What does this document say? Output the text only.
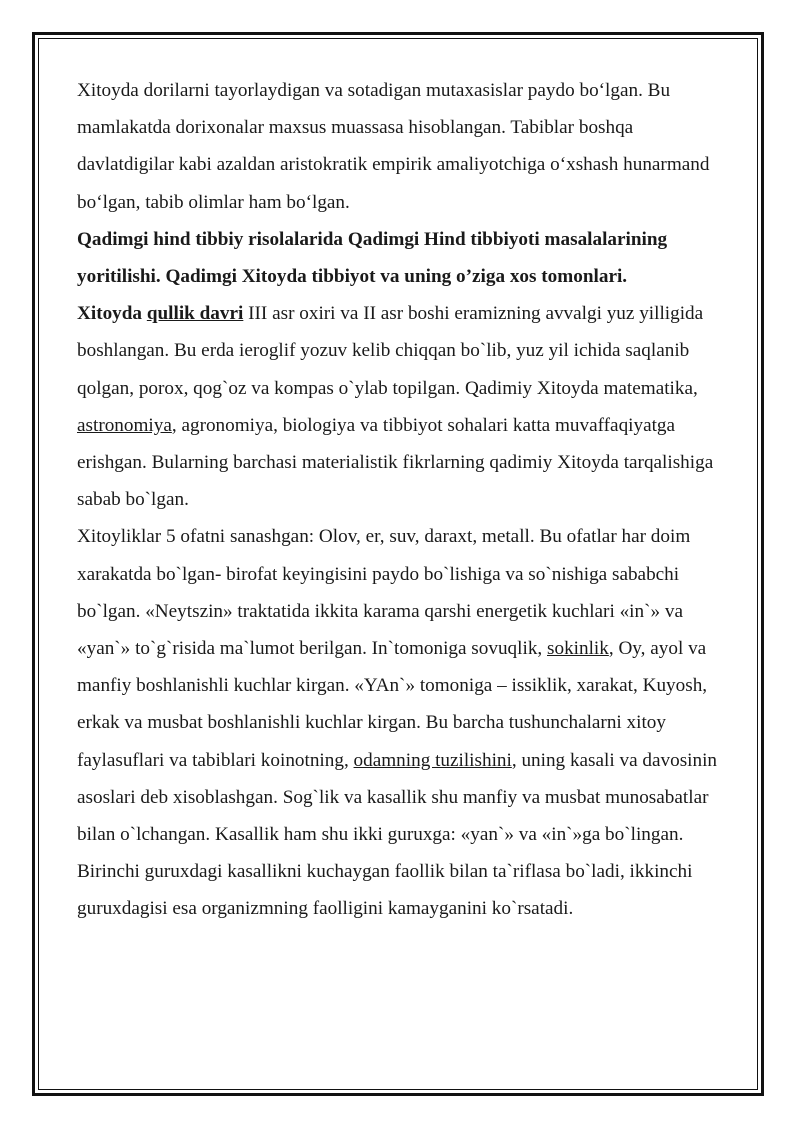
Xitoyda dorilarni tayorlaydigan va sotadigan mutaxasislar paydo boʻlgan. Bu mamlakatda dorixonalar maxsus muassasa hisoblangan. Tabiblar boshqa davlatdigilar kabi azaldan aristokratik empirik amaliyotchiga oʻxshash hunarmand boʻlgan, tabib olimlar ham boʻlgan.

Qadimgi hind tibbiy risolalarida Qadimgi Hind tibbiyoti masalalarining yoritilishi. Qadimgi Xitoyda tibbiyot va uning o’ziga xos tomonlari.

Xitoyda qullik davri III asr oxiri va II asr boshi eramizning avvalgi yuz yilligida boshlangan. Bu erda ieroglif yozuv kelib chiqqan bo`lib, yuz yil ichida saqlanib qolgan, porox, qog`oz va kompas o`ylab topilgan. Qadimiy Xitoyda matematika, astronomiya, agronomiya, biologiya va tibbiyot sohalari katta muvaffaqiyatga erishgan. Bularning barchasi materialistik fikrlarning qadimiy Xitoyda tarqalishiga sabab bo`lgan.

Xitoyliklar 5 ofatni sanashgan: Olov, er, suv, daraxt, metall. Bu ofatlar har doim xarakatda bo`lgan- birofat keyingisini paydo bo`lishiga va so`nishiga sababchi bo`lgan. «Neytszin» traktatida ikkita karama qarshi energetik kuchlari «in`» va «yan`» to`g`risida ma`lumot berilgan. In`tomoniga sovuqlik, sokinlik, Oy, ayol va manfiy boshlanishli kuchlar kirgan. «YAn`» tomoniga – issiklik, xarakat, Kuyosh, erkak va musbat boshlanishli kuchlar kirgan. Bu barcha tushunchalarni xitoy faylasuflari va tabiblari koinotning, odamning tuzilishini, uning kasali va davosinin asoslari deb xisoblashgan. Sog`lik va kasallik shu manfiy va musbat munosabatlar bilan o`lchangan. Kasallik ham shu ikki guruxga: «yan`» va «in`»ga bo`lingan. Birinchi guruxdagi kasallikni kuchaygan faollik bilan ta`riflasa bo`ladi, ikkinchi guruxdagisi esa organizmning faolligini kamayganini ko`rsatadi.
